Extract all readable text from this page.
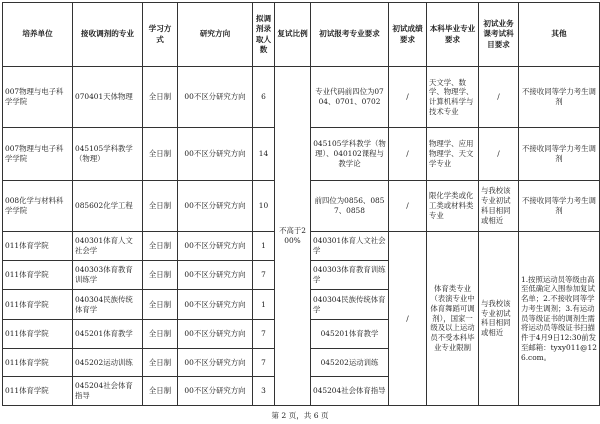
培养单位	接收调剂的专业	学习方式	研究方向	拟调剂录取人数	复试比例	初试报考专业要求	初试成绩要求	本科毕业专业要求	初试业务课考试科目要求	其他
007物理与电子科学学院	070401天体物理	全日制	00不区分研究方向	6	不高于200%	专业代码前四位为0704、0701、0702	/	天文学、数学、物理学、计算机科学与技术专业	/	不接收同等学力考生调剂
007物理与电子科学学院	045105学科教学（物理）	全日制	00不区分研究方向	14		045105学科教学（物理）、040102课程与教学论	/	物理学、应用物理学、天文学专业	/	不接收同等学力考生调剂
008化学与材料科学学院	085602化学工程	全日制	00不区分研究方向	10		前四位为0856、0857、0858	/	限化学类或化工类或材料类专业	与我校该专业初试科目相同或相近	不接收同等学力考生调剂
011体育学院	040301体育人文社会学	全日制	00不区分研究方向	1		040301体育人文社会学	/	体育类专业（表演专业中体育舞蹈可调剂），国家一级及以上运动员不受本科毕业专业限制	与我校该专业初试科目相同或相近	1.按照运动员等级由高至低确定入围参加复试名单；2.不接收同等学力考生调剂；3.有运动员等级证书的调剂生需将运动员等级证书扫描件于4月9日12:30前发至邮箱：tyxy011@126.com。
011体育学院	040303体育教育训练学	全日制	00不区分研究方向	7		040303体育教育训练学				
011体育学院	040304民族传统体育学	全日制	00不区分研究方向	1		040304民族传统体育学				
011体育学院	045201体育教学	全日制	00不区分研究方向	7		045201体育教学				
011体育学院	045202运动训练	全日制	00不区分研究方向	7		045202运动训练				
011体育学院	045204社会体育指导	全日制	00不区分研究方向	3		045204社会体育指导				
第 2 页，共 6 页
